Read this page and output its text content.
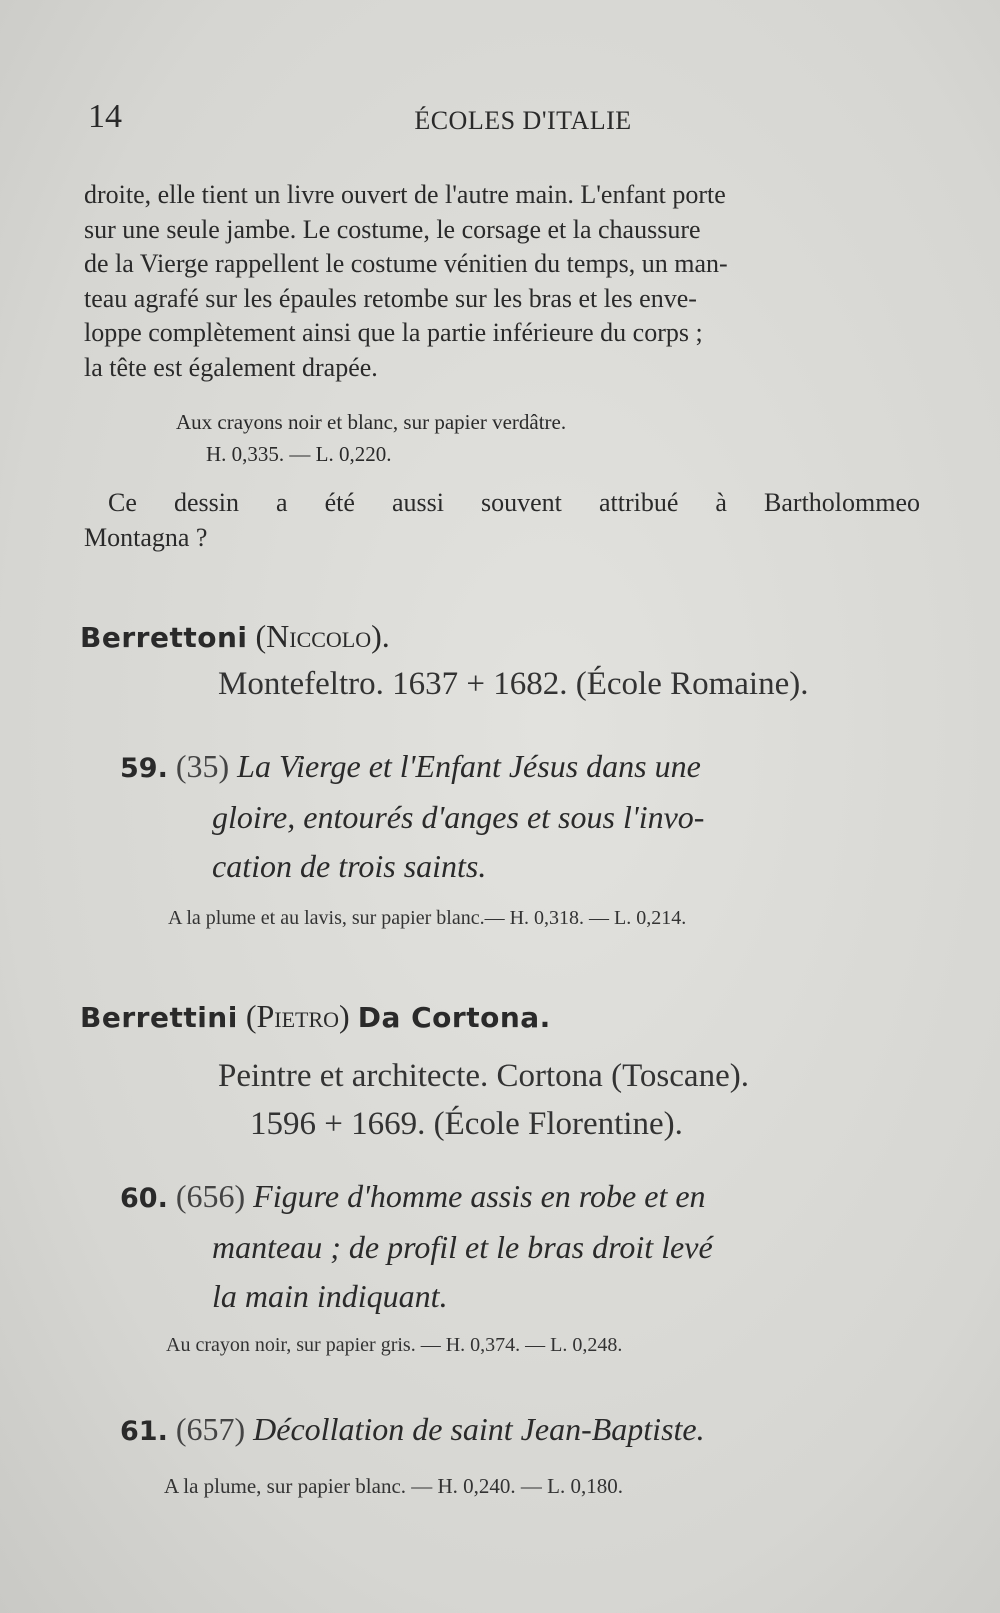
14	ÉCOLES D'ITALIE
droite, elle tient un livre ouvert de l'autre main. L'enfant porte
sur une seule jambe. Le costume, le corsage et la chaussure
de la Vierge rappellent le costume vénitien du temps, un man-
teau agrafé sur les épaules retombe sur les bras et les enve-
loppe complètement ainsi que la partie inférieure du corps ;
la tête est également drapée.
Aux crayons noir et blanc, sur papier verdâtre.
H. 0,335. — L. 0,220.
Ce dessin a été aussi souvent attribué à Bartholommeo
Montagna ?
Berrettoni (Niccolo).
Montefeltro. 1637 + 1682. (École Romaine).
59. (35) La Vierge et l'Enfant Jésus dans une
gloire, entourés d'anges et sous l'invo-
cation de trois saints.
A la plume et au lavis, sur papier blanc.— H. 0,318. — L. 0,214.
Berrettini (Pietro) Da Cortona.
Peintre et architecte. Cortona (Toscane).
1596 + 1669. (École Florentine).
60. (656) Figure d'homme assis en robe et en
manteau ; de profil et le bras droit levé
la main indiquant.
Au crayon noir, sur papier gris. — H. 0,374. — L. 0,248.
61. (657) Décollation de saint Jean-Baptiste.
A la plume, sur papier blanc. — H. 0,240. — L. 0,180.
